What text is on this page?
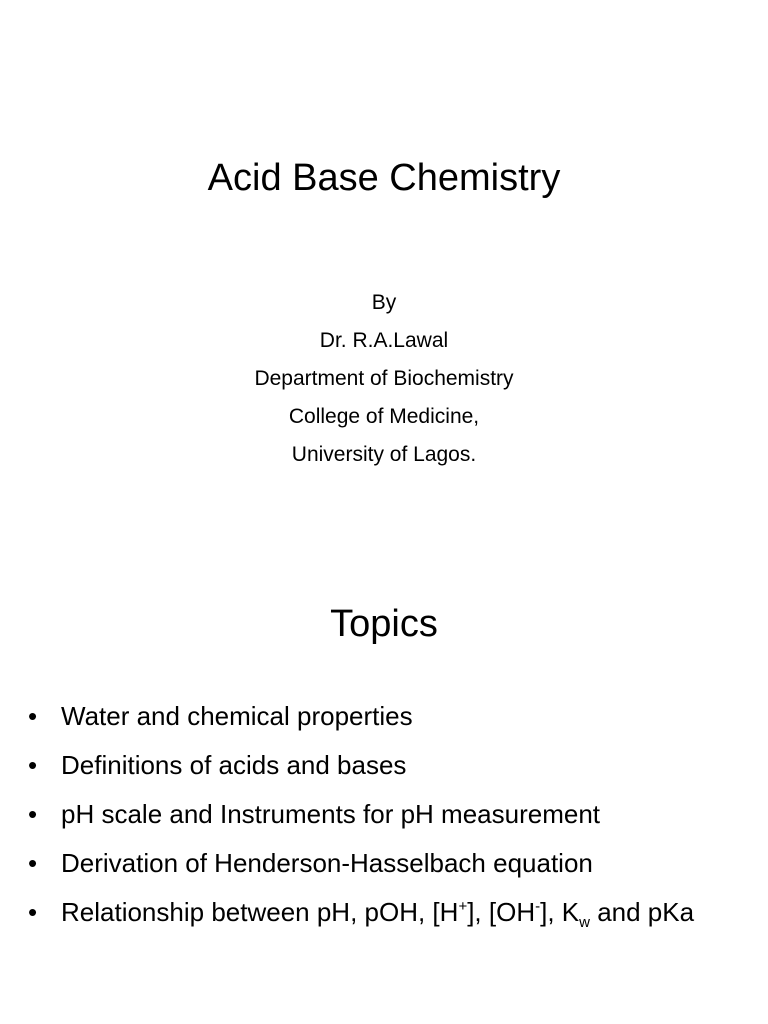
Acid Base Chemistry
By
Dr. R.A.Lawal
Department of Biochemistry
College of Medicine,
University of Lagos.
Topics
• Water and chemical properties
• Definitions of acids and bases
• pH scale and Instruments for pH measurement
• Derivation of Henderson-Hasselbach equation
• Relationship between pH, pOH, [H+], [OH-], $K_w$ and pKa
